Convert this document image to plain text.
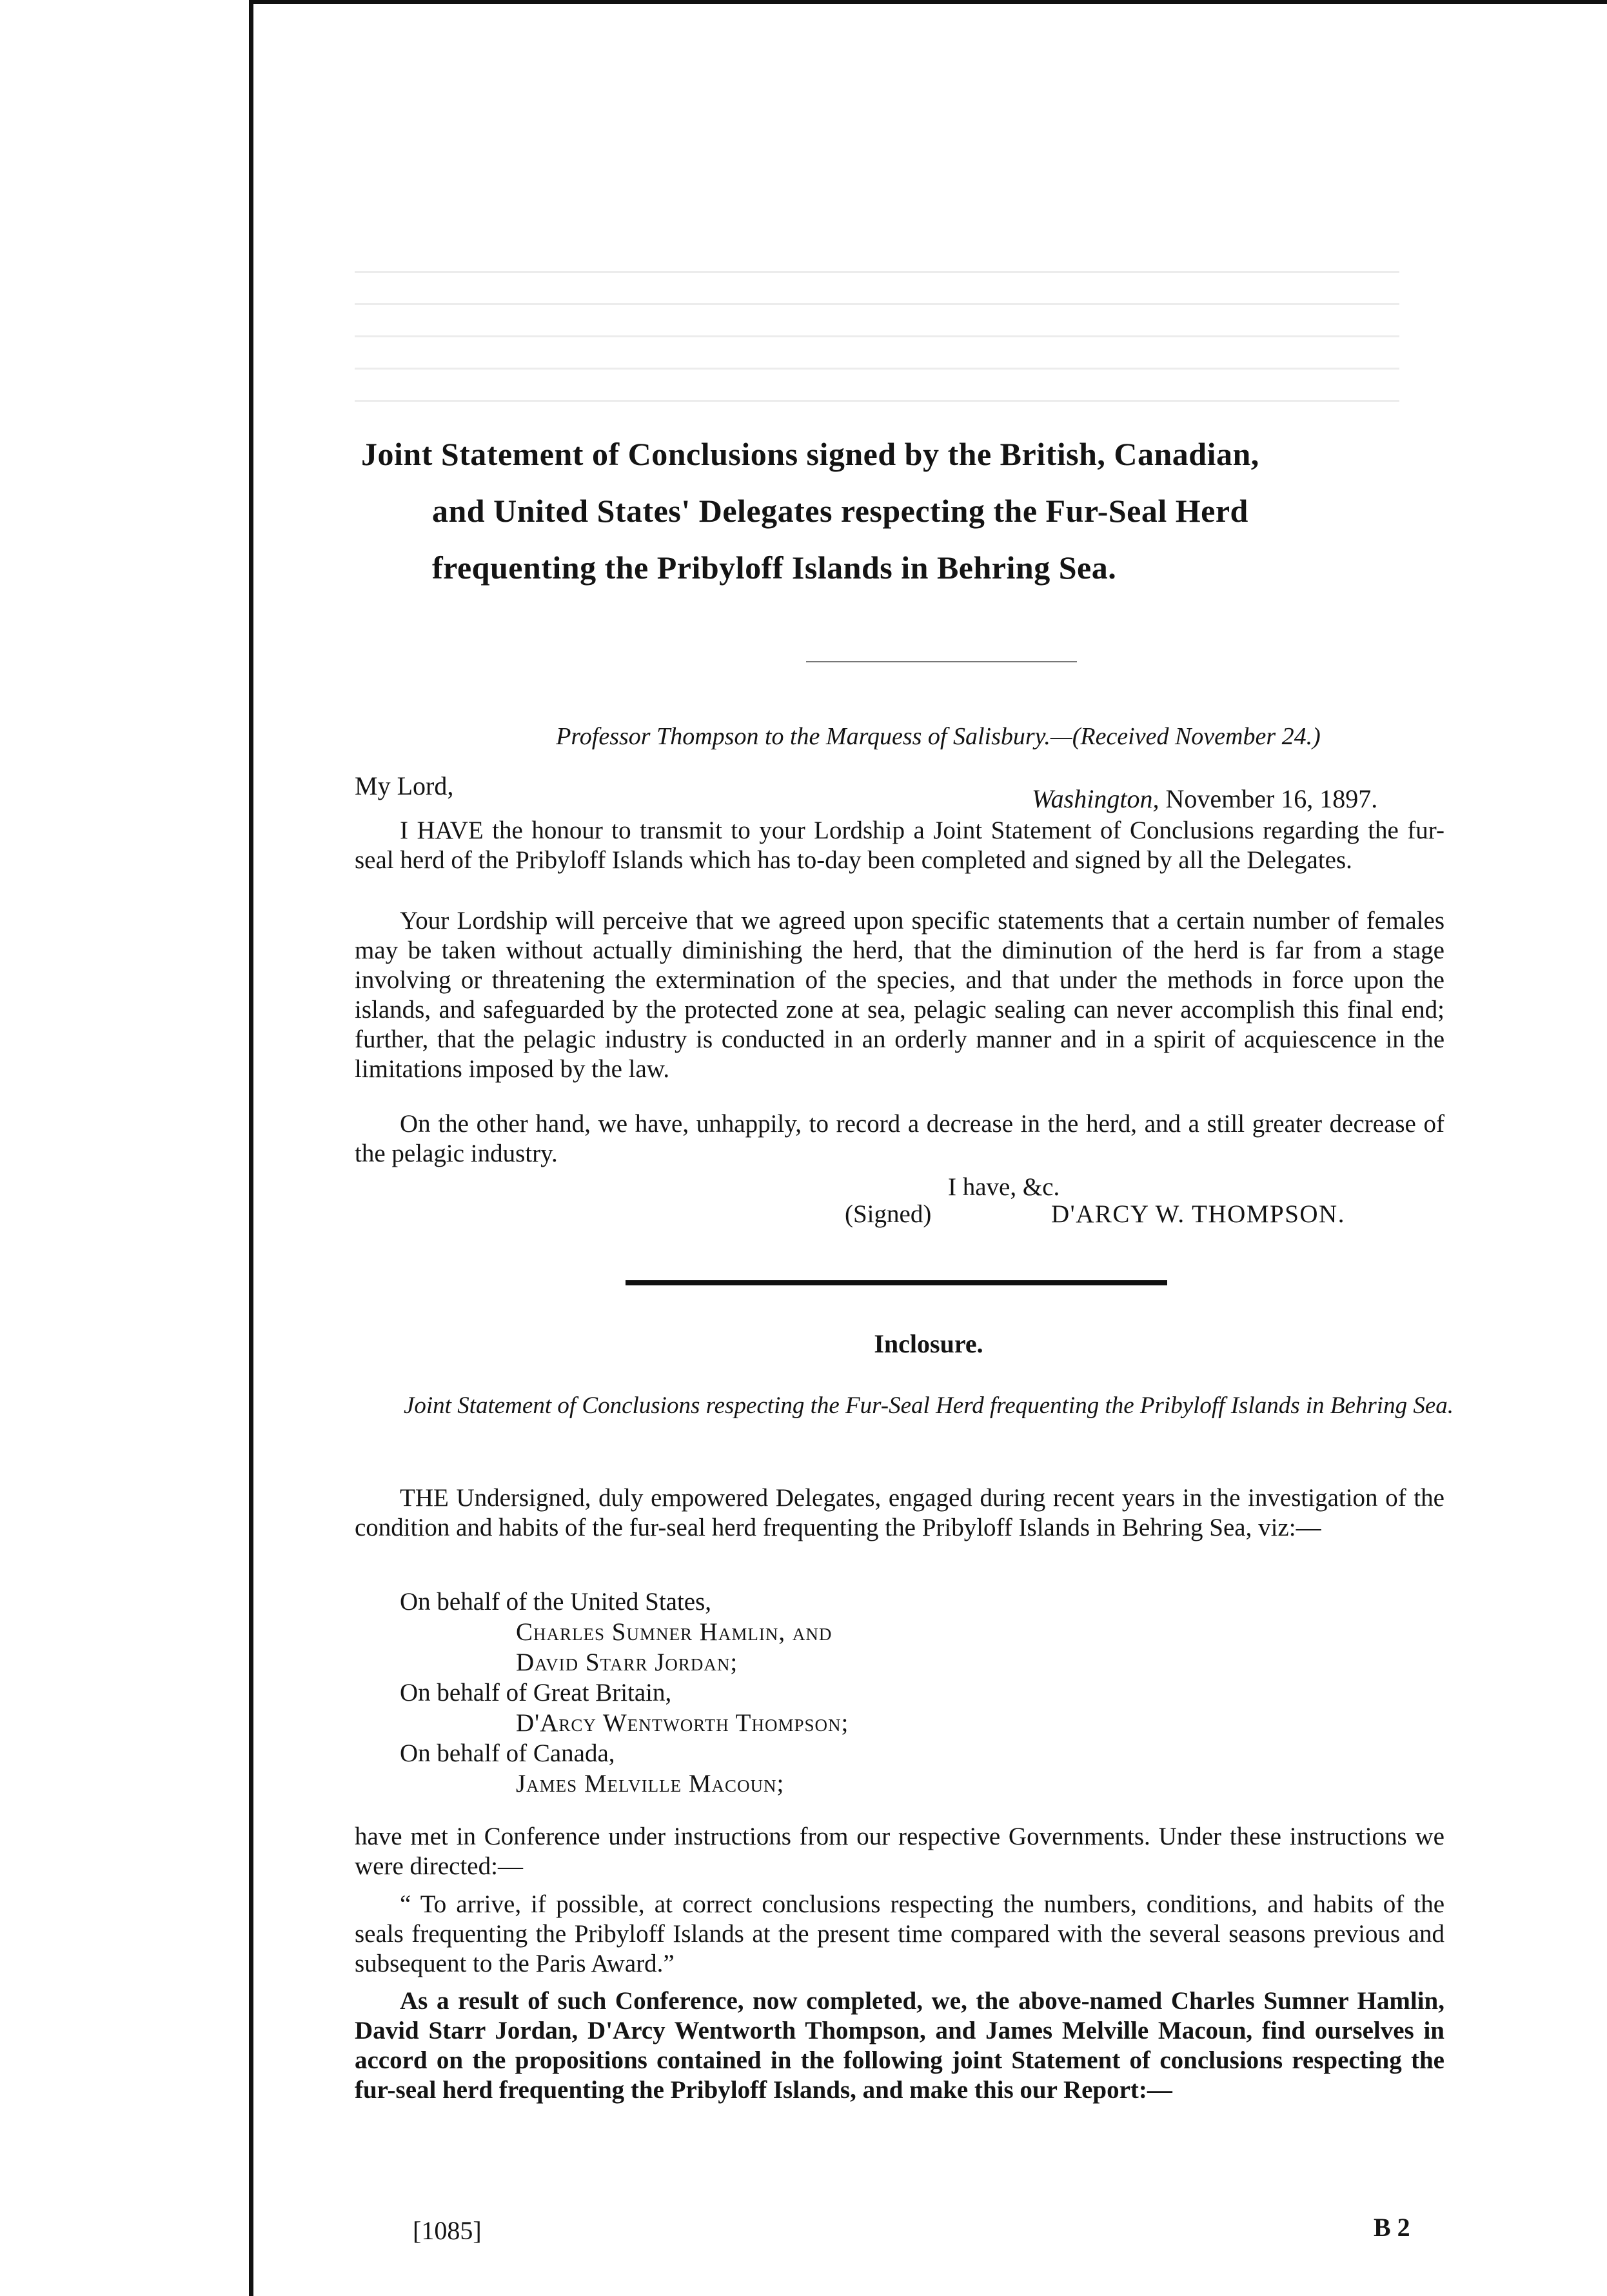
Joint Statement of Conclusions signed by the British, Canadian,
and United States' Delegates respecting the Fur-Seal Herd
frequenting the Pribyloff Islands in Behring Sea.
Professor Thompson to the Marquess of Salisbury.—(Received November 24.)
My Lord,	Washington, November 16, 1897.

I HAVE the honour to transmit to your Lordship a Joint Statement of Conclusions regarding the fur-seal herd of the Pribyloff Islands which has to-day been completed and signed by all the Delegates.

Your Lordship will perceive that we agreed upon specific statements that a certain number of females may be taken without actually diminishing the herd, that the diminution of the herd is far from a stage involving or threatening the extermination of the species, and that under the methods in force upon the islands, and safeguarded by the protected zone at sea, pelagic sealing can never accomplish this final end; further, that the pelagic industry is conducted in an orderly manner and in a spirit of acquiescence in the limitations imposed by the law.

On the other hand, we have, unhappily, to record a decrease in the herd, and a still greater decrease of the pelagic industry.

I have, &c.
(Signed)	D'ARCY W. THOMPSON.
Inclosure.
Joint Statement of Conclusions respecting the Fur-Seal Herd frequenting the Pribyloff Islands in Behring Sea.

THE Undersigned, duly empowered Delegates, engaged during recent years in the investigation of the condition and habits of the fur-seal herd frequenting the Pribyloff Islands in Behring Sea, viz:—

On behalf of the United States,
Charles Sumner Hamlin, and
David Starr Jordan;
On behalf of Great Britain,
D'Arcy Wentworth Thompson;
On behalf of Canada,
James Melville Macoun;

have met in Conference under instructions from our respective Governments. Under these instructions we were directed:—

“ To arrive, if possible, at correct conclusions respecting the numbers, conditions, and habits of the seals frequenting the Pribyloff Islands at the present time compared with the several seasons previous and subsequent to the Paris Award.”

As a result of such Conference, now completed, we, the above-named Charles Sumner Hamlin, David Starr Jordan, D'Arcy Wentworth Thompson, and James Melville Macoun, find ourselves in accord on the propositions contained in the following joint Statement of conclusions respecting the fur-seal herd frequenting the Pribyloff Islands, and make this our Report:—

[1085]	B 2
